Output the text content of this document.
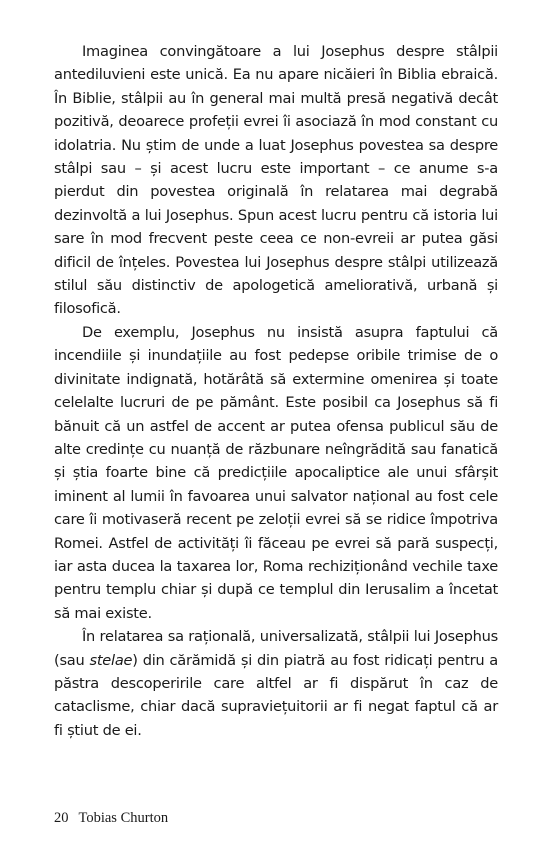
Imaginea convingătoare a lui Josephus despre stâlpii antediluvieni este unică. Ea nu apare nicăieri în Biblia ebraică. În Biblie, stâlpii au în general mai multă presă negativă decât pozitivă, deoarece profeții evrei îi asociază în mod constant cu idolatria. Nu știm de unde a luat Josephus povestea sa despre stâlpi sau – și acest lucru este important – ce anume s-a pierdut din povestea originală în relatarea mai degrabă dezinvoltă a lui Josephus. Spun acest lucru pentru că istoria lui sare în mod frecvent peste ceea ce non-evreii ar putea găsi dificil de înțeles. Povestea lui Josephus despre stâlpi utilizează stilul său distinctiv de apologetică ameliorativă, urbană și filosofică.

De exemplu, Josephus nu insistă asupra faptului că incendiile și inundațiile au fost pedepse oribile trimise de o divinitate indignată, hotărâtă să extermine omenirea și toate celelalte lucruri de pe pământ. Este posibil ca Josephus să fi bănuit că un astfel de accent ar putea ofensa publicul său de alte credințe cu nuanță de răzbunare neîngrădită sau fanatică și știa foarte bine că predicțiile apocaliptice ale unui sfârșit iminent al lumii în favoarea unui salvator național au fost cele care îi motivaseră recent pe zeloții evrei să se ridice împotriva Romei. Astfel de activități îi făceau pe evrei să pară suspecți, iar asta ducea la taxarea lor, Roma rechiziționând vechile taxe pentru templu chiar și după ce templul din Ierusalim a încetat să mai existe.

În relatarea sa rațională, universalizată, stâlpii lui Josephus (sau stelae) din cărămidă și din piatră au fost ridicați pentru a păstra descoperirile care altfel ar fi dispărut în caz de cataclisme, chiar dacă supraviețuitorii ar fi negat faptul că ar fi știut de ei.

20 Tobias Churton
